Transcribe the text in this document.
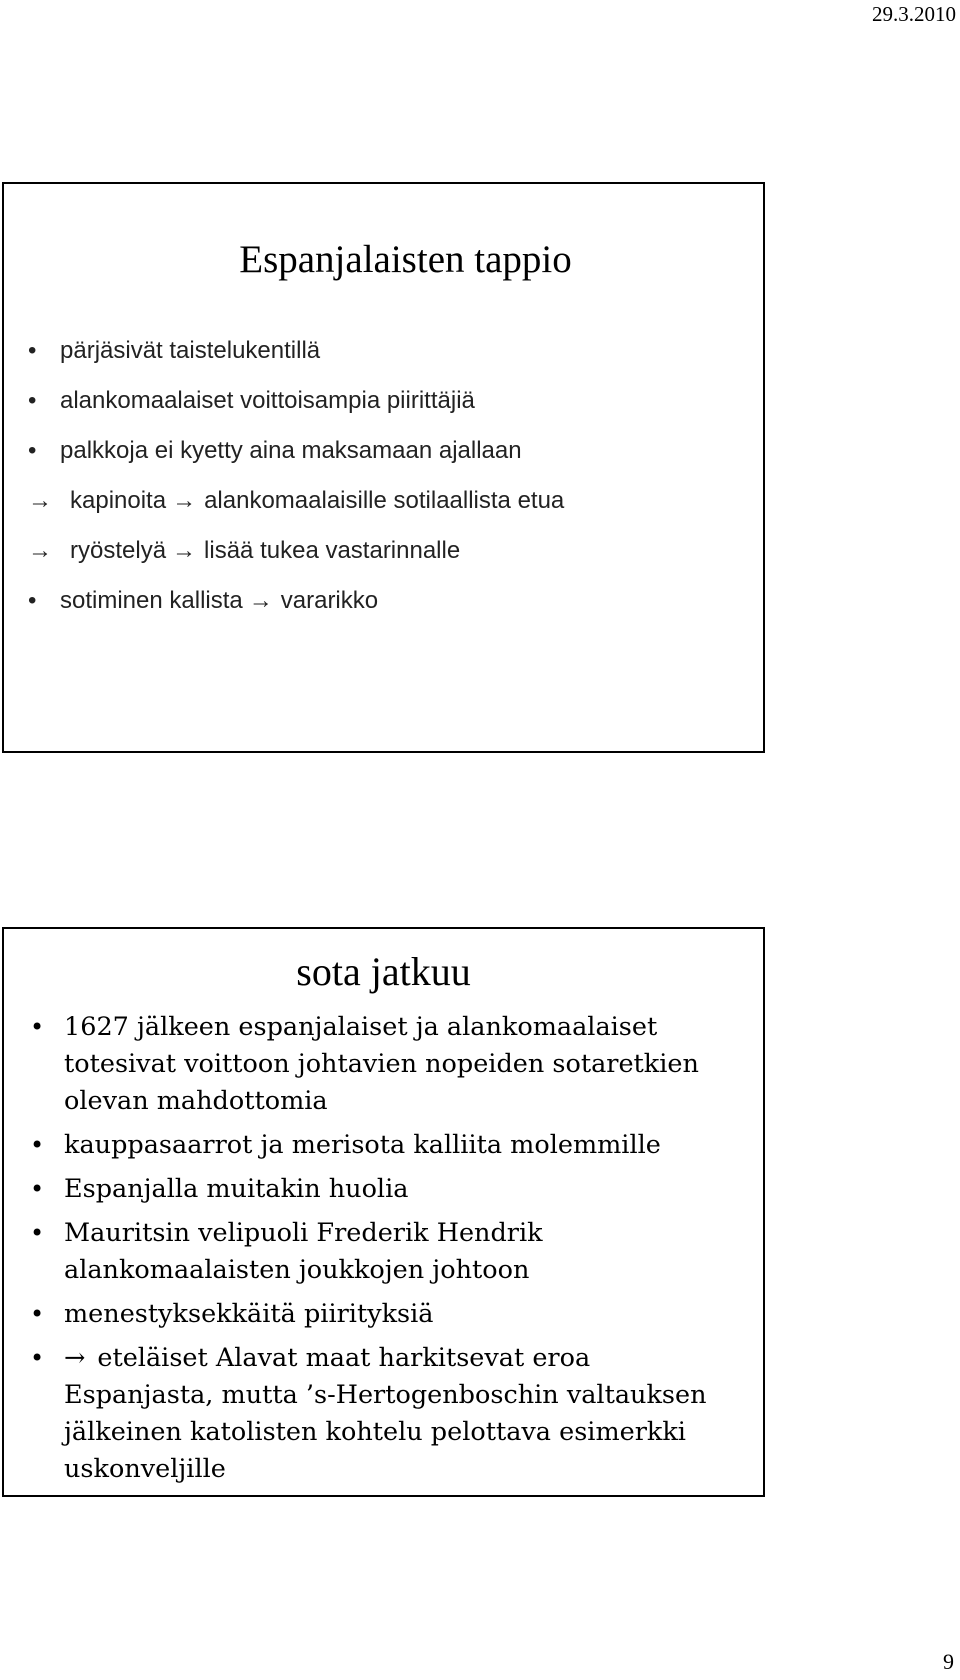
29.3.2010
Espanjalaisten tappio
• pärjäsivät taistelukentillä
• alankomaalaiset voittoisampia piirittäjiä
• palkkoja ei kyetty aina maksamaan ajallaan
→ kapinoita → alankomaalaisille sotilaallista etua
→ ryöstelyä → lisää tukea vastarinnalle
• sotiminen kallista → vararikko
sota jatkuu
• 1627 jälkeen espanjalaiset ja alankomaalaiset
totesivat voittoon johtavien nopeiden sotaretkien
olevan mahdottomia
• kauppasaarrot ja merisota kalliita molemmille
• Espanjalla muitakin huolia
• Mauritsin velipuoli Frederik Hendrik
alankomaalaisten joukkojen johtoon
• menestyksekkäitä piirityksiä
• → eteläiset Alavat maat harkitsevat eroa
Espanjasta, mutta ’s-Hertogenboschin valtauksen
jälkeinen katolisten kohtelu pelottava esimerkki
uskonveljille
9
